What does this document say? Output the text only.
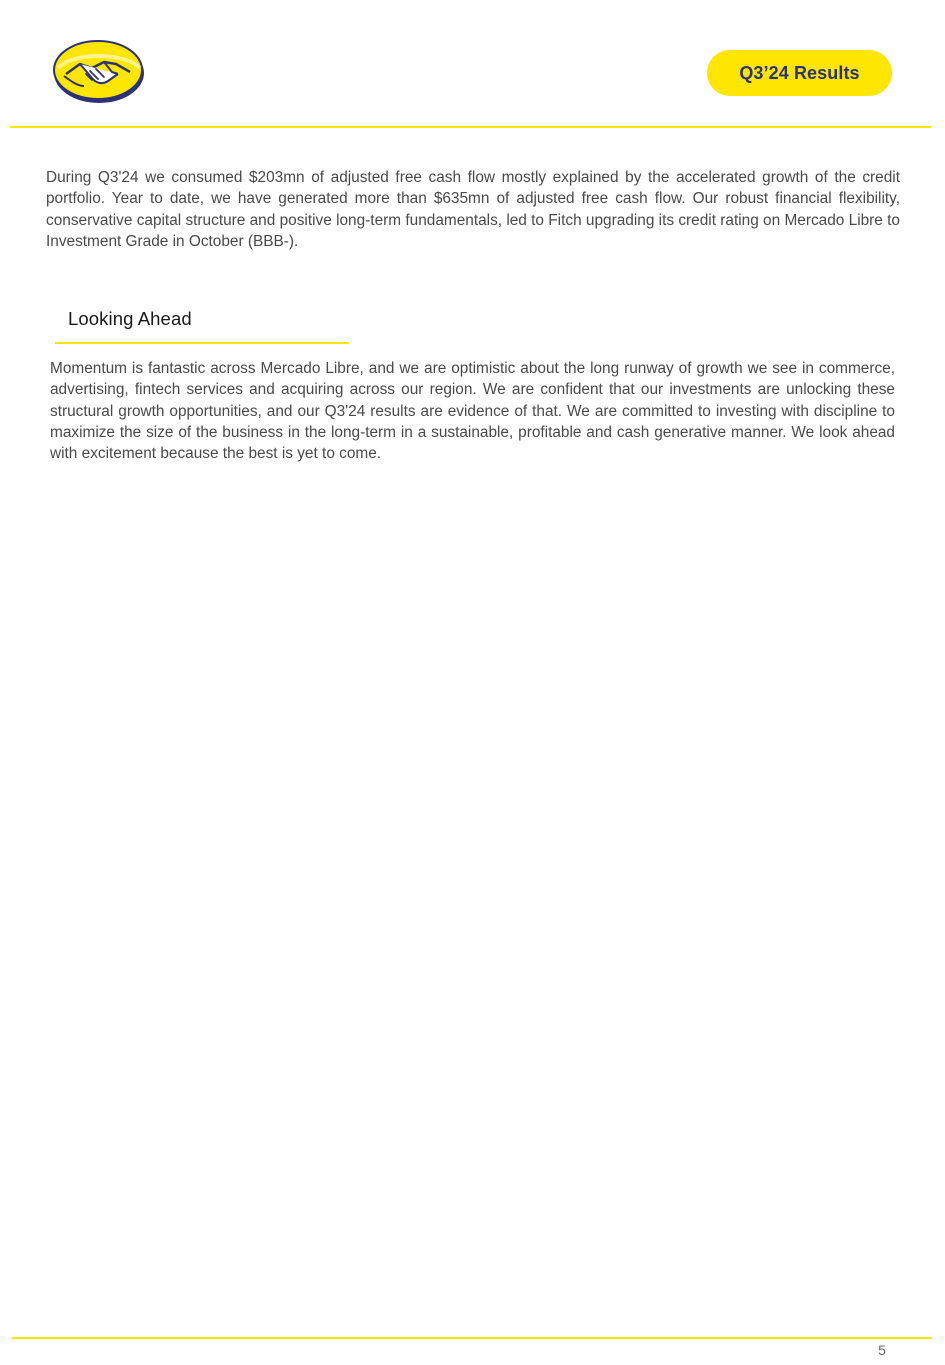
Q3’24 Results

During Q3'24 we consumed $203mn of adjusted free cash flow mostly explained by the accelerated growth of the credit portfolio. Year to date, we have generated more than $635mn of adjusted free cash flow. Our robust financial flexibility, conservative capital structure and positive long-term fundamentals, led to Fitch upgrading its credit rating on Mercado Libre to Investment Grade in October (BBB-).

Looking Ahead

Momentum is fantastic across Mercado Libre, and we are optimistic about the long runway of growth we see in commerce, advertising, fintech services and acquiring across our region. We are confident that our investments are unlocking these structural growth opportunities, and our Q3'24 results are evidence of that. We are committed to investing with discipline to maximize the size of the business in the long-term in a sustainable, profitable and cash generative manner. We look ahead with excitement because the best is yet to come.

5
